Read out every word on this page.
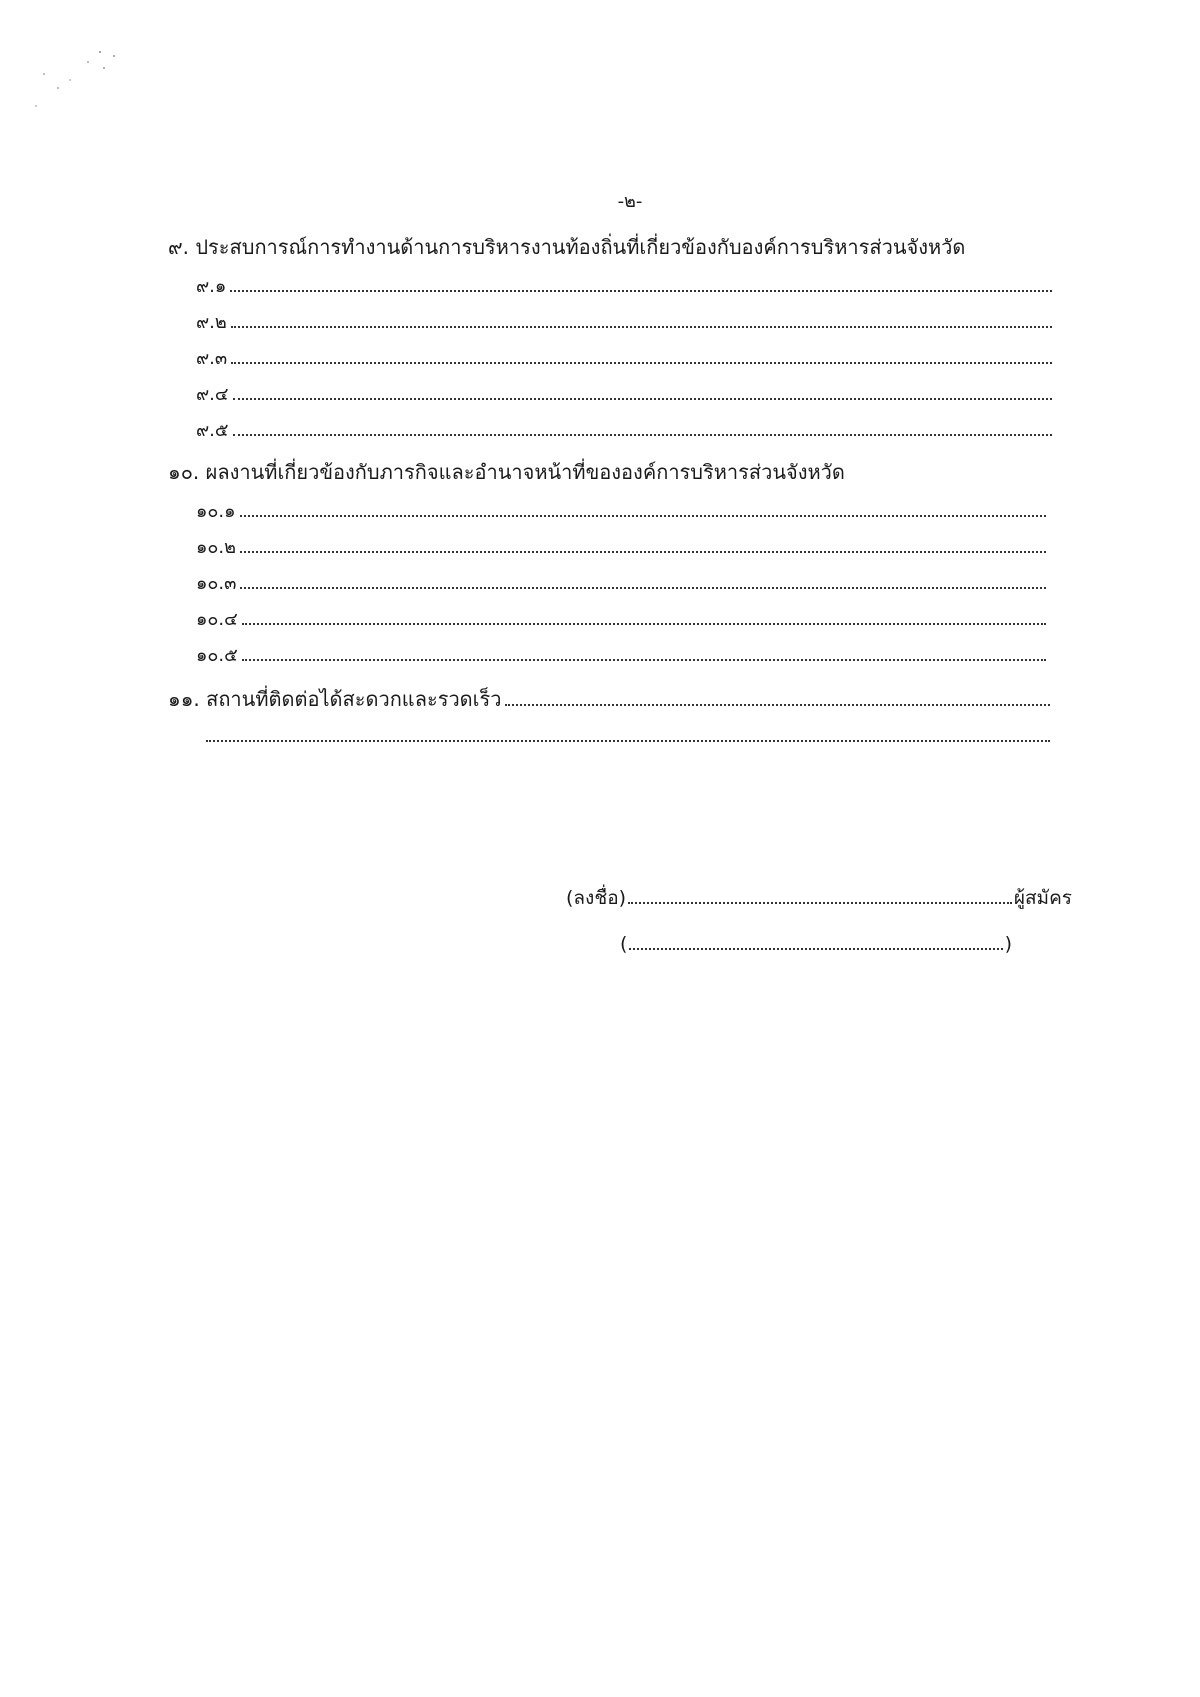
-๒-
๙. ประสบการณ์การทำงานด้านการบริหารงานท้องถิ่นที่เกี่ยวข้องกับองค์การบริหารส่วนจังหวัด
๙.๑
๙.๒
๙.๓
๙.๔
๙.๕
๑๐. ผลงานที่เกี่ยวข้องกับภารกิจและอำนาจหน้าที่ขององค์การบริหารส่วนจังหวัด
๑๐.๑
๑๐.๒
๑๐.๓
๑๐.๔
๑๐.๕
๑๑. สถานที่ติดต่อได้สะดวกและรวดเร็ว
(ลงชื่อ)	ผู้สมัคร
(	)
